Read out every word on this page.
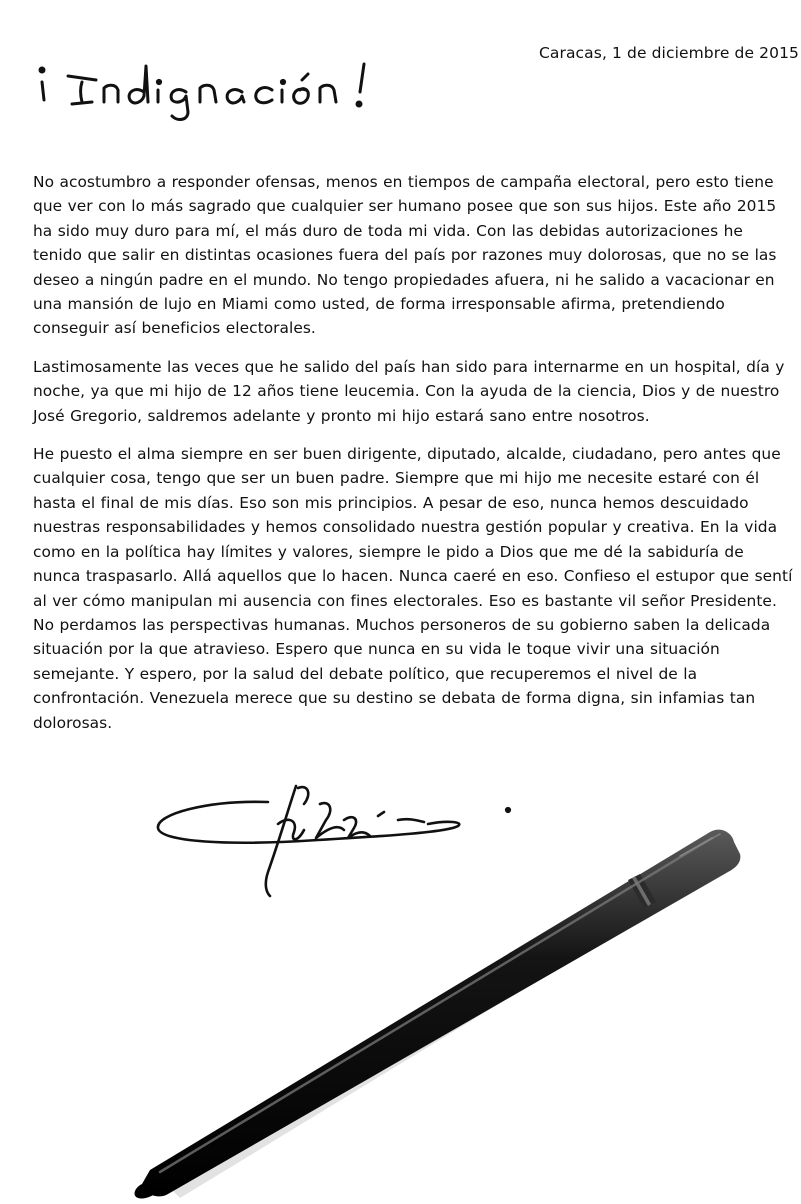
Caracas, 1 de diciembre de 2015

No acostumbro a responder ofensas, menos en tiempos de campaña electoral, pero esto tiene que ver con lo más sagrado que cualquier ser humano posee que son sus hijos. Este año 2015 ha sido muy duro para mí, el más duro de toda mi vida. Con las debidas autorizaciones he tenido que salir en distintas ocasiones fuera del país por razones muy dolorosas, que no se las deseo a ningún padre en el mundo. No tengo propiedades afuera, ni he salido a vacacionar en una mansión de lujo en Miami como usted, de forma irresponsable afirma, pretendiendo conseguir así beneficios electorales.

Lastimosamente las veces que he salido del país han sido para internarme en un hospital, día y noche, ya que mi hijo de 12 años tiene leucemia. Con la ayuda de la ciencia, Dios y de nuestro José Gregorio, saldremos adelante y pronto mi hijo estará sano entre nosotros.

He puesto el alma siempre en ser buen dirigente, diputado, alcalde, ciudadano, pero antes que cualquier cosa, tengo que ser un buen padre. Siempre que mi hijo me necesite estaré con él hasta el final de mis días. Eso son mis principios. A pesar de eso, nunca hemos descuidado nuestras responsabilidades y hemos consolidado nuestra gestión popular y creativa. En la vida como en la política hay límites y valores, siempre le pido a Dios que me dé la sabiduría de nunca traspasarlo. Allá aquellos que lo hacen. Nunca caeré en eso. Confieso el estupor que sentí al ver cómo manipulan mi ausencia con fines electorales. Eso es bastante vil señor Presidente. No perdamos las perspectivas humanas. Muchos personeros de su gobierno saben la delicada situación por la que atravieso. Espero que nunca en su vida le toque vivir una situación semejante. Y espero, por la salud del debate político, que recuperemos el nivel de la confrontación. Venezuela merece que su destino se debata de forma digna, sin infamias tan dolorosas.
